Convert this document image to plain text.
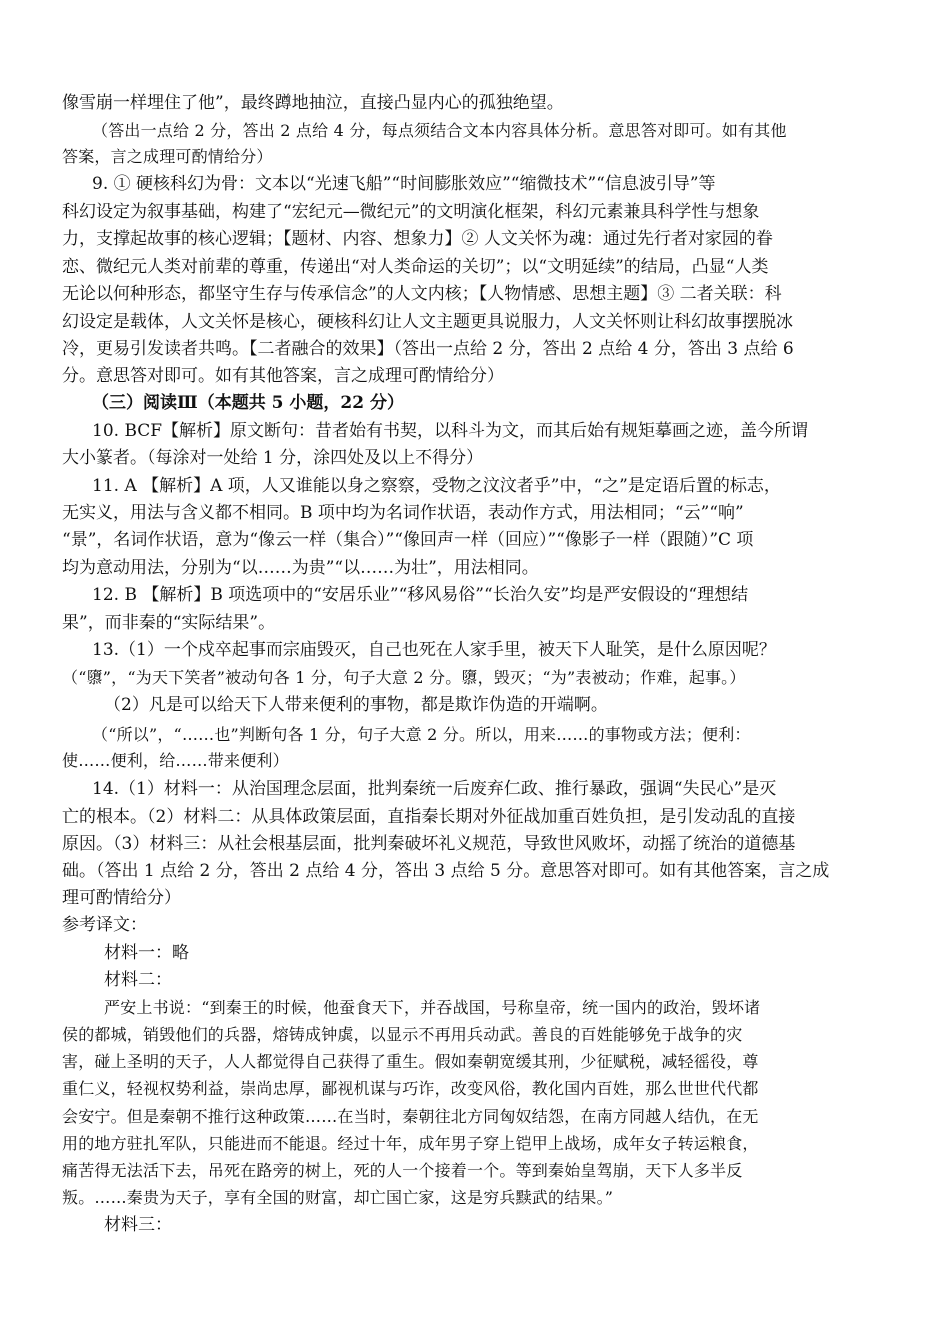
像雪崩一样埋住了他”，最终蹲地抽泣，直接凸显内心的孤独绝望。
（答出一点给 2 分，答出 2 点给 4 分，每点须结合文本内容具体分析。意思答对即可。如有其他
答案，言之成理可酌情给分）
9. ① 硬核科幻为骨：文本以“光速飞船”“时间膨胀效应”“缩微技术”“信息波引导”等
科幻设定为叙事基础，构建了“宏纪元—微纪元”的文明演化框架，科幻元素兼具科学性与想象
力，支撑起故事的核心逻辑；【题材、内容、想象力】② 人文关怀为魂：通过先行者对家园的眷
恋、微纪元人类对前辈的尊重，传递出“对人类命运的关切”；以“文明延续”的结局，凸显“人类
无论以何种形态，都坚守生存与传承信念”的人文内核；【人物情感、思想主题】③ 二者关联：科
幻设定是载体，人文关怀是核心，硬核科幻让人文主题更具说服力，人文关怀则让科幻故事摆脱冰
冷，更易引发读者共鸣。【二者融合的效果】（答出一点给 2 分，答出 2 点给 4 分，答出 3 点给 6
分。意思答对即可。如有其他答案，言之成理可酌情给分）
（三）阅读Ⅲ（本题共 5 小题，22 分）
10. BCF【解析】原文断句：昔者始有书契，以科斗为文，而其后始有规矩摹画之迹，盖今所谓
大小篆者。（每涂对一处给 1 分，涂四处及以上不得分）
11. A 【解析】A 项，人又谁能以身之察察，受物之汶汶者乎”中，“之”是定语后置的标志，
无实义，用法与含义都不相同。B 项中均为名词作状语，表动作方式，用法相同；“云”“响”
“景”，名词作状语，意为“像云一样（集合）”“像回声一样（回应）”“像影子一样（跟随）”C 项
均为意动用法，分别为“以……为贵”“以……为壮”，用法相同。
12. B 【解析】B 项选项中的“安居乐业”“移风易俗”“长治久安”均是严安假设的“理想结
果”，而非秦的“实际结果”。
13.（1）一个戍卒起事而宗庙毁灭，自己也死在人家手里，被天下人耻笑，是什么原因呢？
（“隳”，“为天下笑者”被动句各 1 分，句子大意 2 分。隳，毁灭；“为”表被动；作难，起事。）
（2）凡是可以给天下人带来便利的事物，都是欺诈伪造的开端啊。
（“所以”，“……也”判断句各 1 分，句子大意 2 分。所以，用来……的事物或方法；便利：
使……便利，给……带来便利）
14.（1）材料一：从治国理念层面，批判秦统一后废弃仁政、推行暴政，强调“失民心”是灭
亡的根本。（2）材料二：从具体政策层面，直指秦长期对外征战加重百姓负担，是引发动乱的直接
原因。（3）材料三：从社会根基层面，批判秦破坏礼义规范，导致世风败坏，动摇了统治的道德基
础。（答出 1 点给 2 分，答出 2 点给 4 分，答出 3 点给 5 分。意思答对即可。如有其他答案，言之成
理可酌情给分）
参考译文：
材料一：略
材料二：
严安上书说：“到秦王的时候，他蚕食天下，并吞战国，号称皇帝，统一国内的政治，毁坏诸
侯的都城，销毁他们的兵器，熔铸成钟虡，以显示不再用兵动武。善良的百姓能够免于战争的灾
害，碰上圣明的天子，人人都觉得自己获得了重生。假如秦朝宽缓其刑，少征赋税，减轻徭役，尊
重仁义，轻视权势利益，崇尚忠厚，鄙视机谋与巧诈，改变风俗，教化国内百姓，那么世世代代都
会安宁。但是秦朝不推行这种政策……在当时，秦朝往北方同匈奴结怨，在南方同越人结仇，在无
用的地方驻扎军队，只能进而不能退。经过十年，成年男子穿上铠甲上战场，成年女子转运粮食，
痛苦得无法活下去，吊死在路旁的树上，死的人一个接着一个。等到秦始皇驾崩，天下人多半反
叛。……秦贵为天子，享有全国的财富，却亡国亡家，这是穷兵黩武的结果。”
材料三：
